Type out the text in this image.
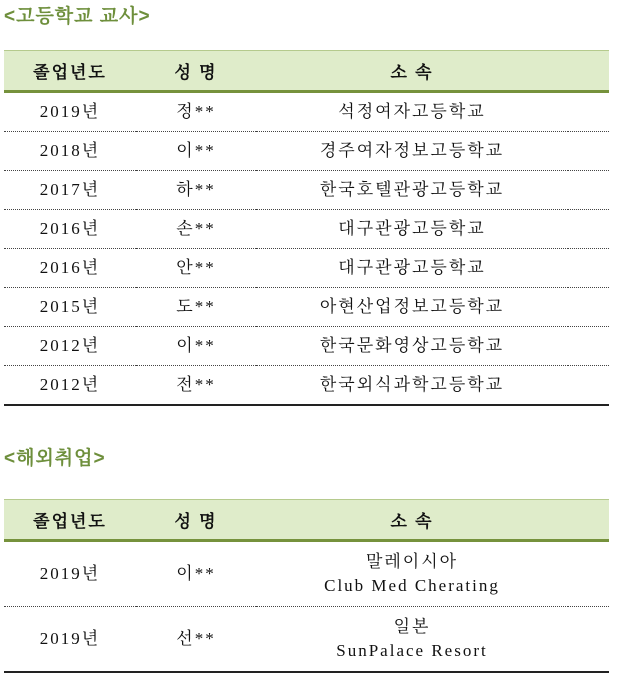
<고등학교 교사>
졸업년도	성 명	소 속	
2019년	정**	석정여자고등학교	

2018년	이**	경주여자정보고등학교	

2017년	하**	한국호텔관광고등학교	

2016년	손**	대구관광고등학교	

2016년	안**	대구관광고등학교	

2015년	도**	아현산업정보고등학교	

2012년	이**	한국문화영상고등학교	

2012년	전**	한국외식과학고등학교	

<해외취업>
졸업년도	성 명	소 속	
2019년	이**	말레이시아
Club Med Cherating	

2019년	선**	일본
SunPalace Resort	
